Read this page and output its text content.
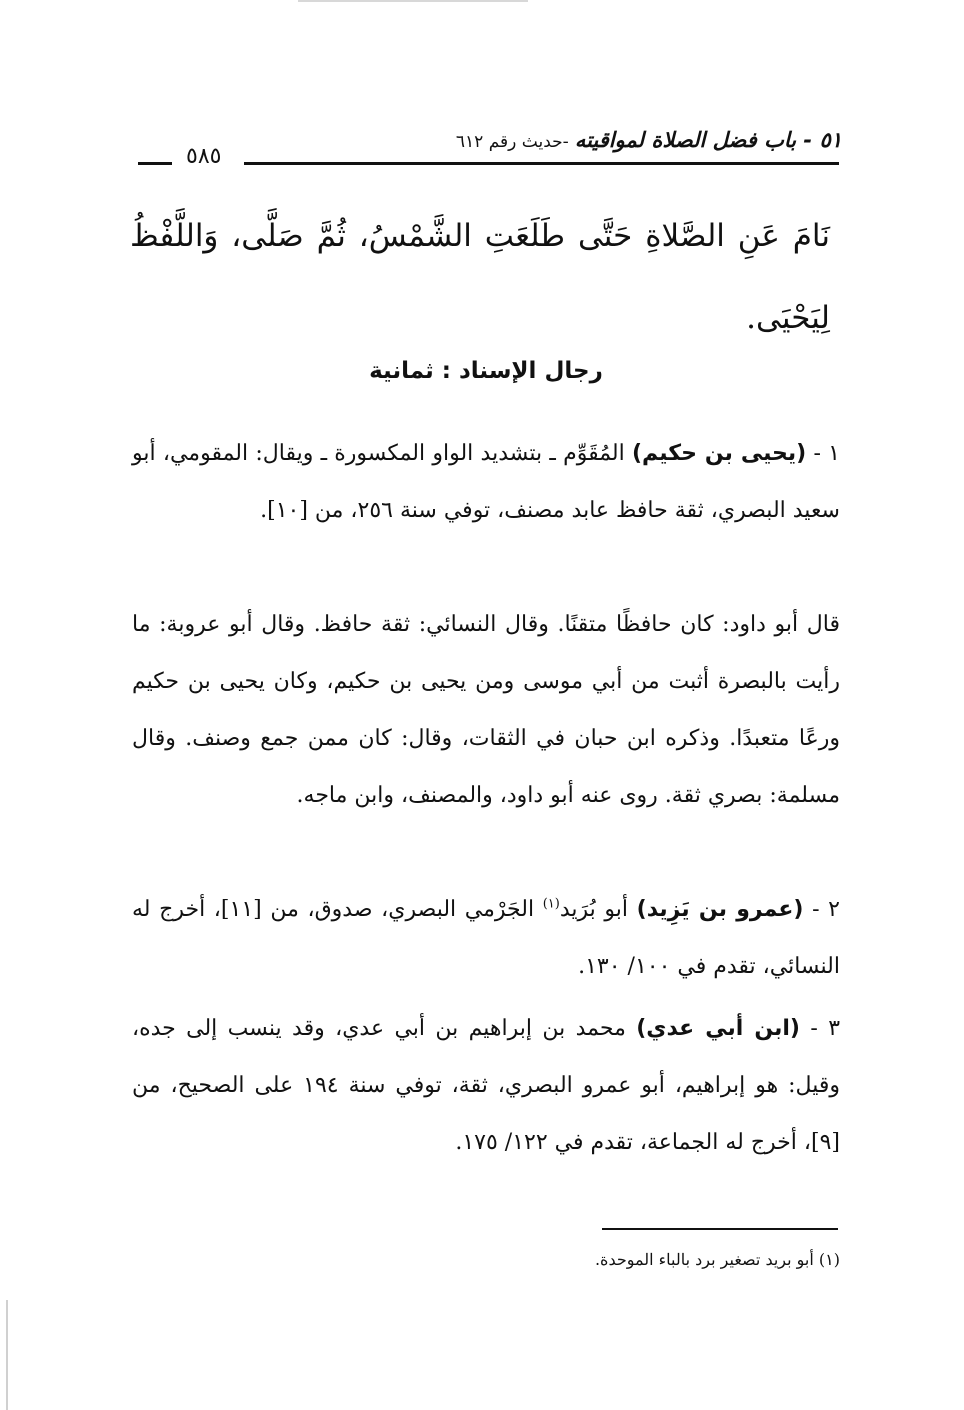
٥١ - باب فضل الصلاة لمواقيته -حديث رقم ٦١٢
٥٨٥
نَامَ عَنِ الصَّلاةِ حَتَّى طَلَعَتِ الشَّمْسُ، ثُمَّ صَلَّى، وَاللَّفْظُ لِيَحْيَى.
رجال الإسناد : ثمانية
١ - (يحيى بن حكيم) المُقَوِّم ـ بتشديد الواو المكسورة ـ ويقال: المقومي، أبو سعيد البصري، ثقة حافظ عابد مصنف، توفي سنة ٢٥٦، من [١٠].
قال أبو داود: كان حافظًا متقنًا. وقال النسائي: ثقة حافظ. وقال أبو عروبة: ما رأيت بالبصرة أثبت من أبي موسى ومن يحيى بن حكيم، وكان يحيى بن حكيم ورعًا متعبدًا. وذكره ابن حبان في الثقات، وقال: كان ممن جمع وصنف. وقال مسلمة: بصري ثقة. روى عنه أبو داود، والمصنف، وابن ماجه.
٢ - (عمرو بن يَزِيد) أبو بُرَيد$^{(١)}$ الجَرْمي البصري، صدوق، من [١١]، أخرج له النسائي، تقدم في ١٠٠/ ١٣٠.
٣ - (ابن أبي عدي) محمد بن إبراهيم بن أبي عدي، وقد ينسب إلى جده، وقيل: هو إبراهيم، أبو عمرو البصري، ثقة، توفي سنة ١٩٤ على الصحيح، من [٩]، أخرج له الجماعة، تقدم في ١٢٢/ ١٧٥.
(١) أبو بريد تصغير برد بالباء الموحدة.
